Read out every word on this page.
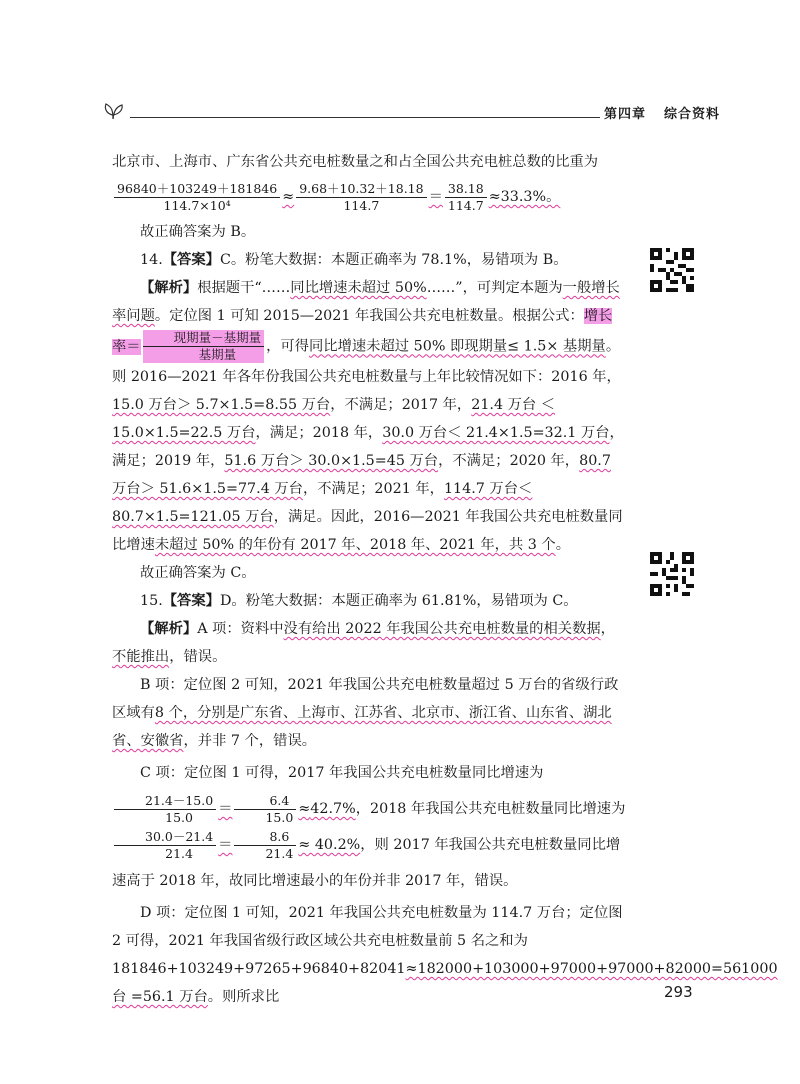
第四章 综合资料

北京市、上海市、广东省公共充电桩数量之和占全国公共充电桩总数的比重为

$\frac{96840+103249+181846}{\text{114.7×10⁴}} \approx \frac{9.68+10.32+18.18}{114.7} = \frac{38.18}{114.7} \approx 33.3\%$。

故正确答案为 B。

14.【答案】C。粉笔大数据：本题正确率为 78.1%，易错项为 B。

【解析】根据题干“……同比增速未超过 50%……”，可判定本题为一般增长率问题。定位图 1 可知 2015—2021 年我国公共充电桩数量。根据公式：增长率＝ $\frac{\text{现期量－基期量}}{\text{基期量}}$ ，可得同比增速未超过 50% 即现期量≤ 1.5× 基期量。则 2016—2021 年各年份我国公共充电桩数量与上年比较情况如下：2016 年，15.0 万台＞ 5.7×1.5=8.55 万台，不满足；2017 年，21.4 万台 ＜ 15.0×1.5=22.5 万台，满足；2018 年，30.0 万台＜ 21.4×1.5=32.1 万台，满足；2019 年，51.6 万台＞ 30.0×1.5=45 万台，不满足；2020 年，80.7 万台＞ 51.6×1.5=77.4 万台，不满足；2021 年，114.7 万台＜ 80.7×1.5=121.05 万台，满足。因此，2016—2021 年我国公共充电桩数量同比增速未超过 50% 的年份有 2017 年、2018 年、2021 年，共 3 个。

故正确答案为 C。

15.【答案】D。粉笔大数据：本题正确率为 61.81%，易错项为 C。

【解析】A 项：资料中没有给出 2022 年我国公共充电桩数量的相关数据，不能推出，错误。

B 项：定位图 2 可知，2021 年我国公共充电桩数量超过 5 万台的省级行政区域有8 个，分别是广东省、上海市、江苏省、北京市、浙江省、山东省、湖北省、安徽省，并非 7 个，错误。

C 项：定位图 1 可得，2017 年我国公共充电桩数量同比增速为
$\frac{21.4-15.0}{15.0} = \frac{6.4}{15.0} \approx 42.7\%$，2018 年我国公共充电桩数量同比增速为
$\frac{30.0-21.4}{21.4} = \frac{8.6}{21.4} \approx 40.2\%$，则 2017 年我国公共充电桩数量同比增速高于 2018 年，故同比增速最小的年份并非 2017 年，错误。

D 项：定位图 1 可知，2021 年我国公共充电桩数量为 114.7 万台；定位图 2 可得，2021 年我国省级行政区域公共充电桩数量前 5 名之和为 181846+103249+97265+96840+82041≈182000+103000+97000+97000+82000=561000 台 =56.1 万台。则所求比	293
